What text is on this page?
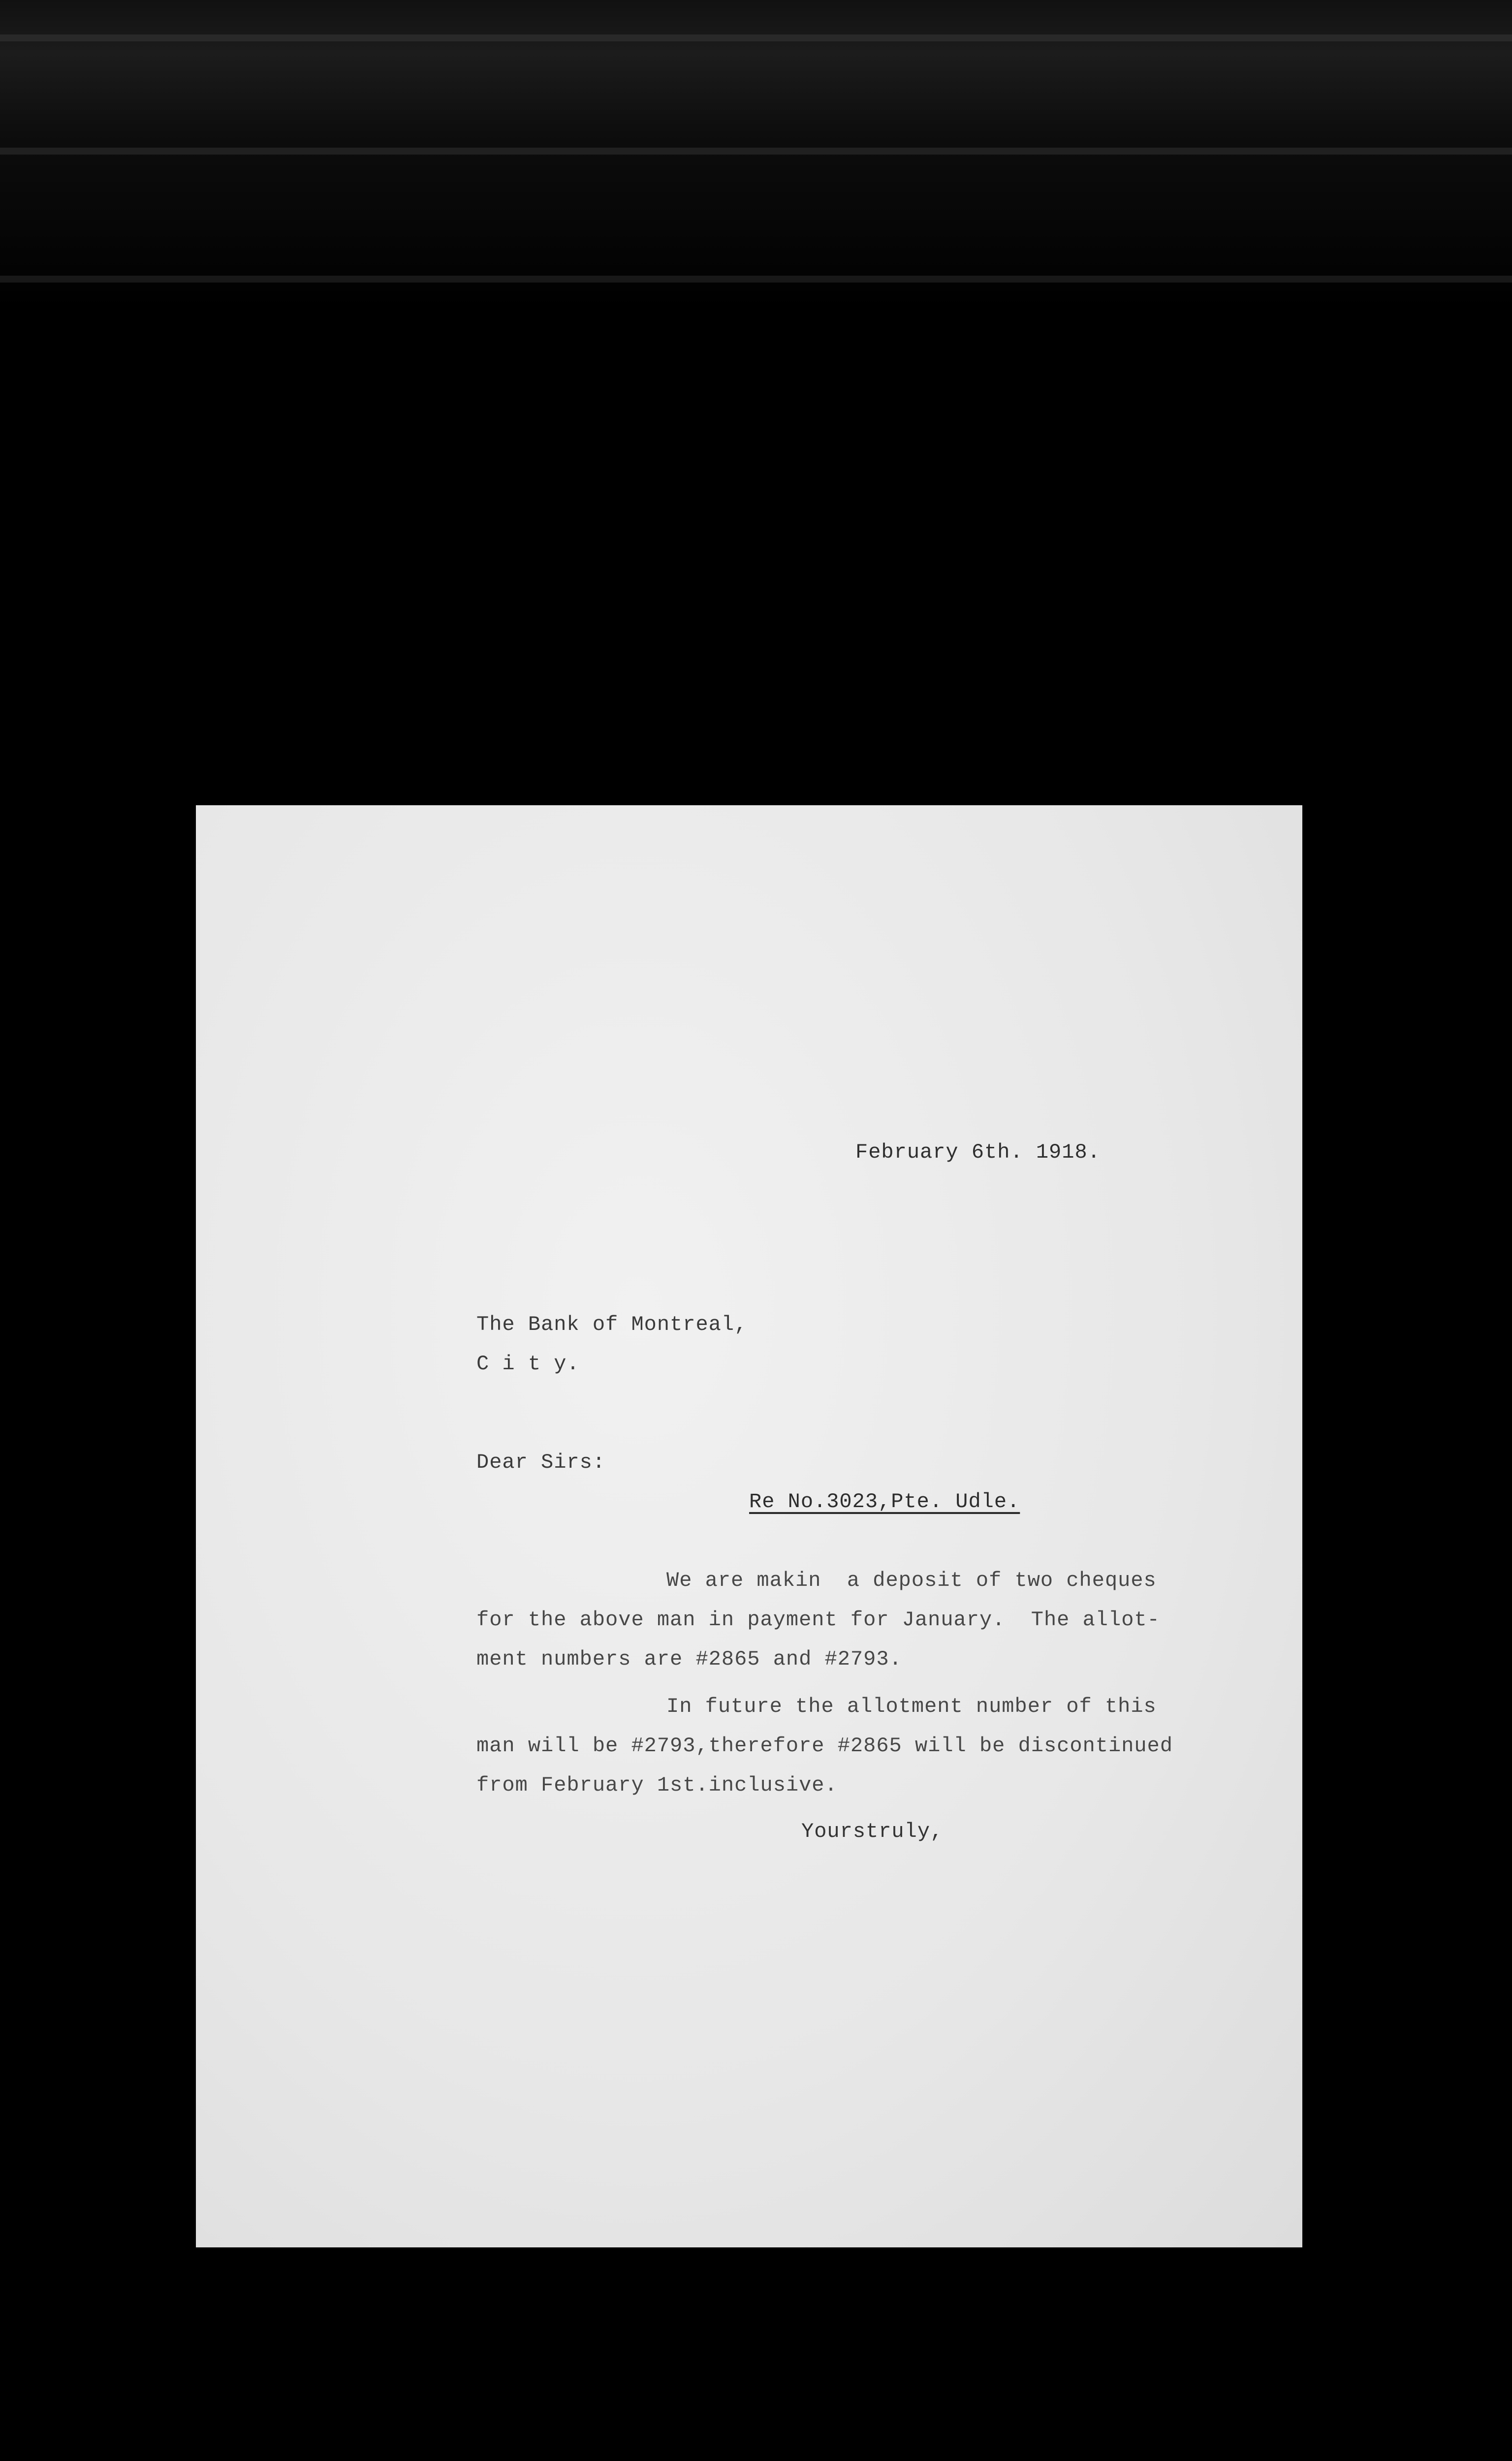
February 6th. 1918.
The Bank of Montreal,
C i t y.
Dear Sirs:
Re No.3023,Pte. Udle.
We are makin  a deposit of two cheques
for the above man in payment for January.  The allot-
ment numbers are #2865 and #2793.
In future the allotment number of this
man will be #2793,therefore #2865 will be discontinued
from February 1st.inclusive.
Yourstruly,
